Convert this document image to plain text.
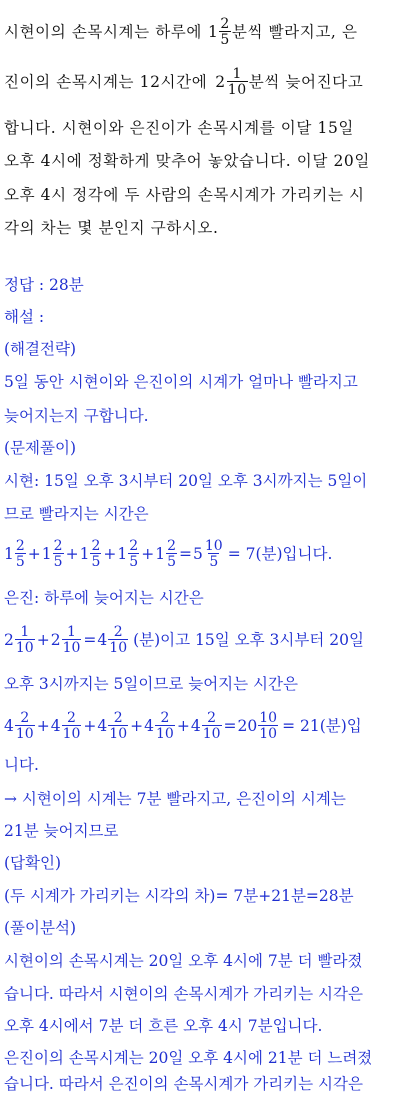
시현이의 손목시계는 하루에 $1 \frac{2}{5}$ 분씩 빨라지고, 은
진이의 손목시계는 12시간에 $2 \frac{1}{10}$ 분씩 늦어진다고
합니다. 시현이와 은진이가 손목시계를 이달 15일
오후 4시에 정확하게 맞추어 놓았습니다. 이달 20일
오후 4시 정각에 두 사람의 손목시계가 가리키는 시
각의 차는 몇 분인지 구하시오.
정답 : 28분
해설 :
(해결전략)
5일 동안 시현이와 은진이의 시계가 얼마나 빨라지고
늦어지는지 구합니다.
(문제풀이)
시현: 15일 오후 3시부터 20일 오후 3시까지는 5일이
므로 빨라지는 시간은
$1 \frac{2}{5} + 1 \frac{2}{5} + 1 \frac{2}{5} + 1 \frac{2}{5} + 1 \frac{2}{5} = 5 \frac{10}{5} = 7$(분)입니다.
은진: 하루에 늦어지는 시간은
$2 \frac{1}{10} + 2 \frac{1}{10} = 4 \frac{2}{10}$ (분)이고 15일 오후 3시부터 20일
오후 3시까지는 5일이므로 늦어지는 시간은
$4 \frac{2}{10} + 4 \frac{2}{10} + 4 \frac{2}{10} + 4 \frac{2}{10} + 4 \frac{2}{10} = 20 \frac{10}{10} = 21$(분)입
니다.
→ 시현이의 시계는 7분 빨라지고, 은진이의 시계는
21분 늦어지므로
(답확인)
(두 시계가 가리키는 시각의 차)= 7분+21분=28분
(풀이분석)
시현이의 손목시계는 20일 오후 4시에 7분 더 빨라졌
습니다. 따라서 시현이의 손목시계가 가리키는 시각은
오후 4시에서 7분 더 흐른 오후 4시 7분입니다.
은진이의 손목시계는 20일 오후 4시에 21분 더 느려졌
습니다. 따라서 은진이의 손목시계가 가리키는 시각은
